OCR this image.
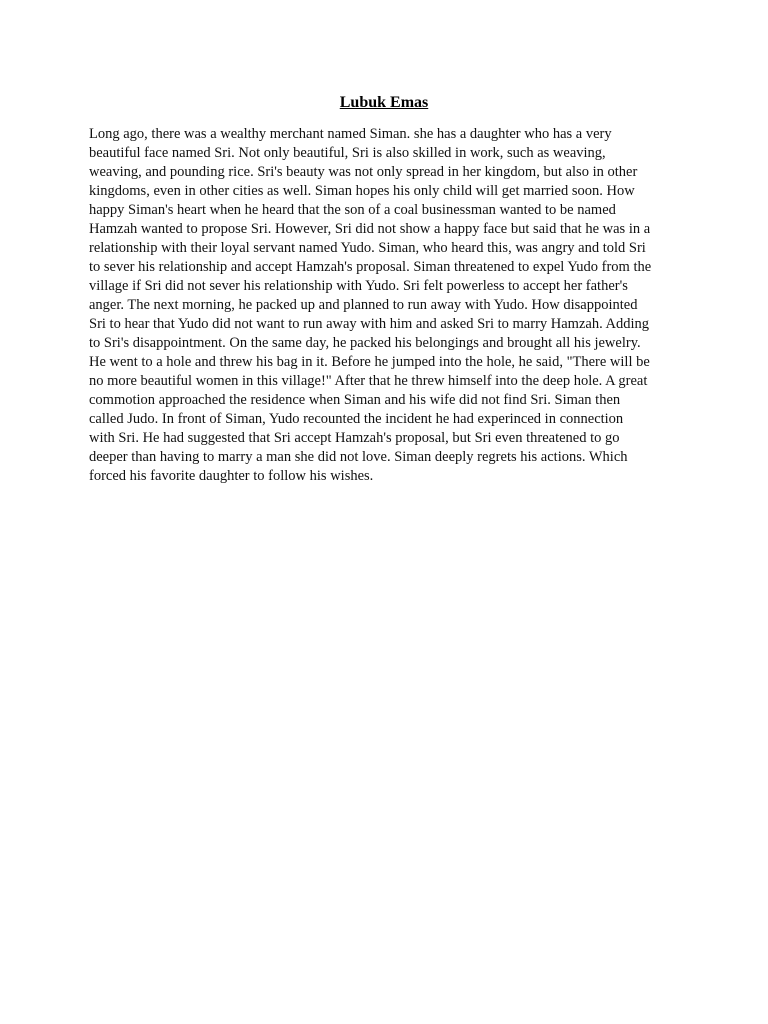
Lubuk Emas

Long ago, there was a wealthy merchant named Siman. she has a daughter who has a very
beautiful face named Sri. Not only beautiful, Sri is also skilled in work, such as weaving,
weaving, and pounding rice. Sri's beauty was not only spread in her kingdom, but also in other
kingdoms, even in other cities as well. Siman hopes his only child will get married soon. How
happy Siman's heart when he heard that the son of a coal businessman wanted to be named
Hamzah wanted to propose Sri. However, Sri did not show a happy face but said that he was in a
relationship with their loyal servant named Yudo. Siman, who heard this, was angry and told Sri
to sever his relationship and accept Hamzah's proposal. Siman threatened to expel Yudo from the
village if Sri did not sever his relationship with Yudo. Sri felt powerless to accept her father's
anger. The next morning, he packed up and planned to run away with Yudo. How disappointed
Sri to hear that Yudo did not want to run away with him and asked Sri to marry Hamzah. Adding
to Sri's disappointment. On the same day, he packed his belongings and brought all his jewelry.
He went to a hole and threw his bag in it. Before he jumped into the hole, he said, "There will be
no more beautiful women in this village!" After that he threw himself into the deep hole. A great
commotion approached the residence when Siman and his wife did not find Sri. Siman then
called Judo. In front of Siman, Yudo recounted the incident he had experinced in connection
with Sri. He had suggested that Sri accept Hamzah's proposal, but Sri even threatened to go
deeper than having to marry a man she did not love. Siman deeply regrets his actions. Which
forced his favorite daughter to follow his wishes.
